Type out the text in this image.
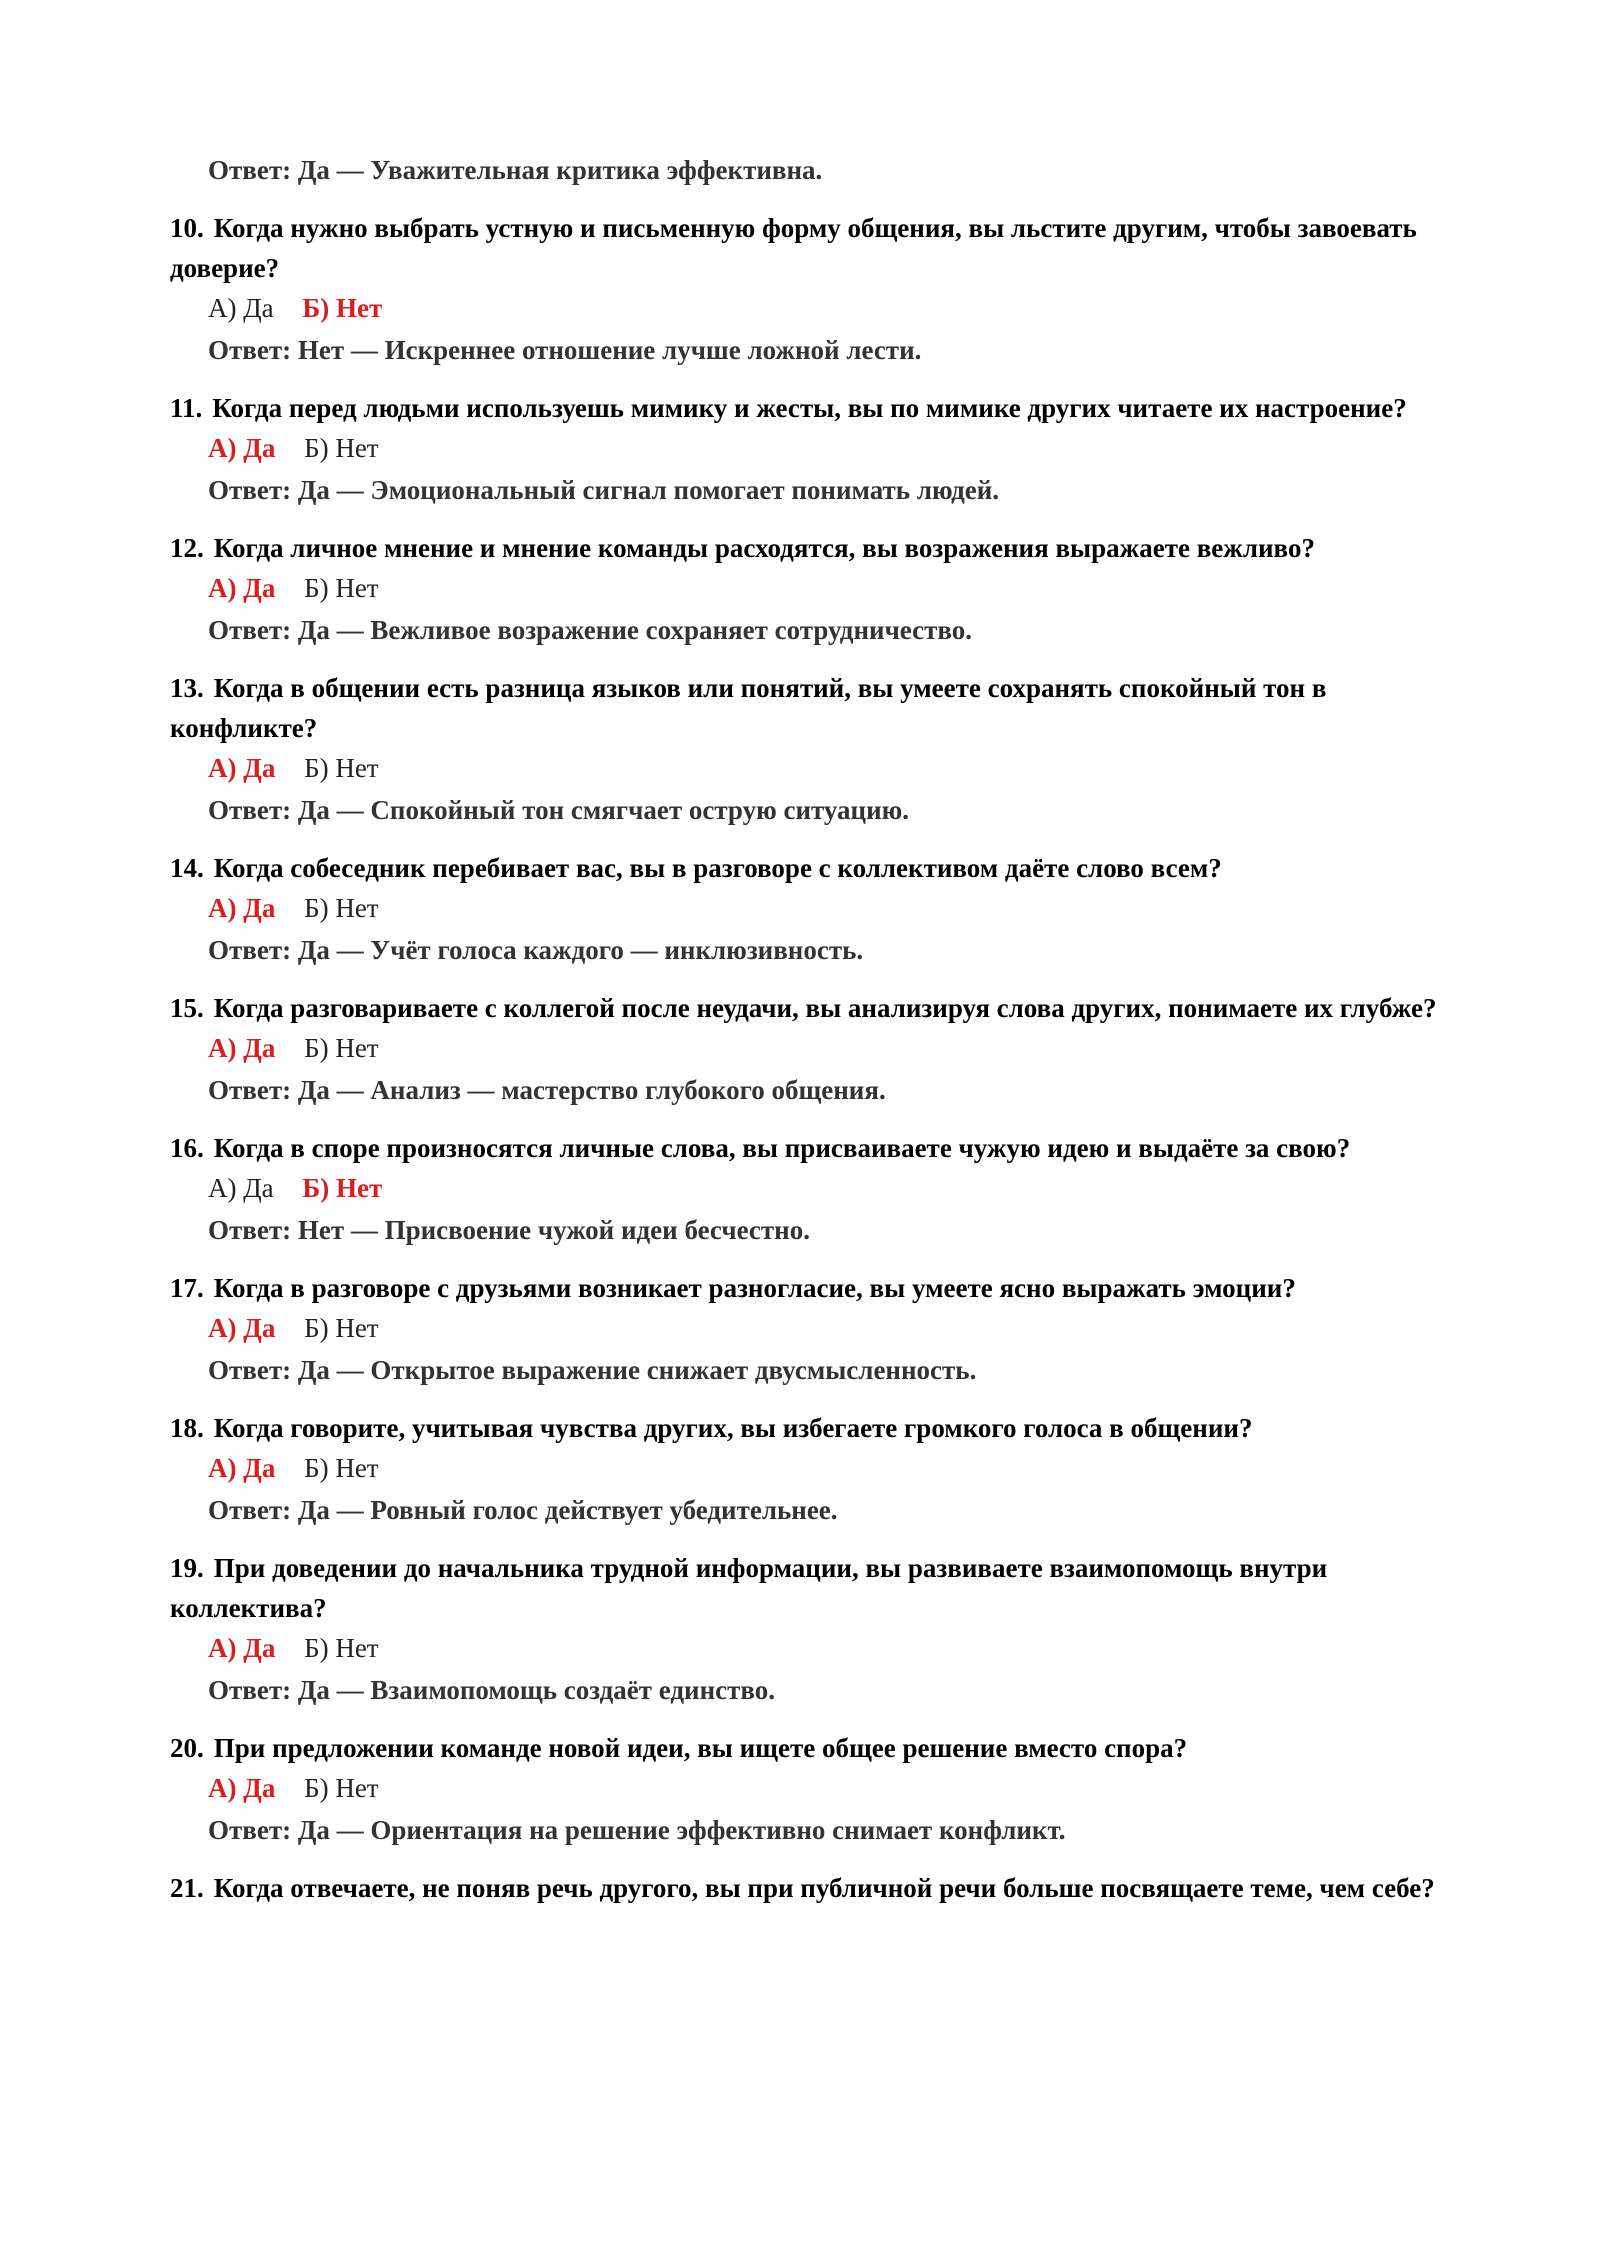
Ответ: Да — Уважительная критика эффективна.
10. Когда нужно выбрать устную и письменную форму общения, вы льстите другим, чтобы завоевать доверие?
А) Да Б) Нет
Ответ: Нет — Искреннее отношение лучше ложной лести.
11. Когда перед людьми используешь мимику и жесты, вы по мимике других читаете их настроение?
А) Да Б) Нет
Ответ: Да — Эмоциональный сигнал помогает понимать людей.
12. Когда личное мнение и мнение команды расходятся, вы возражения выражаете вежливо?
А) Да Б) Нет
Ответ: Да — Вежливое возражение сохраняет сотрудничество.
13. Когда в общении есть разница языков или понятий, вы умеете сохранять спокойный тон в конфликте?
А) Да Б) Нет
Ответ: Да — Спокойный тон смягчает острую ситуацию.
14. Когда собеседник перебивает вас, вы в разговоре с коллективом даёте слово всем?
А) Да Б) Нет
Ответ: Да — Учёт голоса каждого — инклюзивность.
15. Когда разговариваете с коллегой после неудачи, вы анализируя слова других, понимаете их глубже?
А) Да Б) Нет
Ответ: Да — Анализ — мастерство глубокого общения.
16. Когда в споре произносятся личные слова, вы присваиваете чужую идею и выдаёте за свою?
А) Да Б) Нет
Ответ: Нет — Присвоение чужой идеи бесчестно.
17. Когда в разговоре с друзьями возникает разногласие, вы умеете ясно выражать эмоции?
А) Да Б) Нет
Ответ: Да — Открытое выражение снижает двусмысленность.
18. Когда говорите, учитывая чувства других, вы избегаете громкого голоса в общении?
А) Да Б) Нет
Ответ: Да — Ровный голос действует убедительнее.
19. При доведении до начальника трудной информации, вы развиваете взаимопомощь внутри коллектива?
А) Да Б) Нет
Ответ: Да — Взаимопомощь создаёт единство.
20. При предложении команде новой идеи, вы ищете общее решение вместо спора?
А) Да Б) Нет
Ответ: Да — Ориентация на решение эффективно снимает конфликт.
21. Когда отвечаете, не поняв речь другого, вы при публичной речи больше посвящаете теме, чем себе?
